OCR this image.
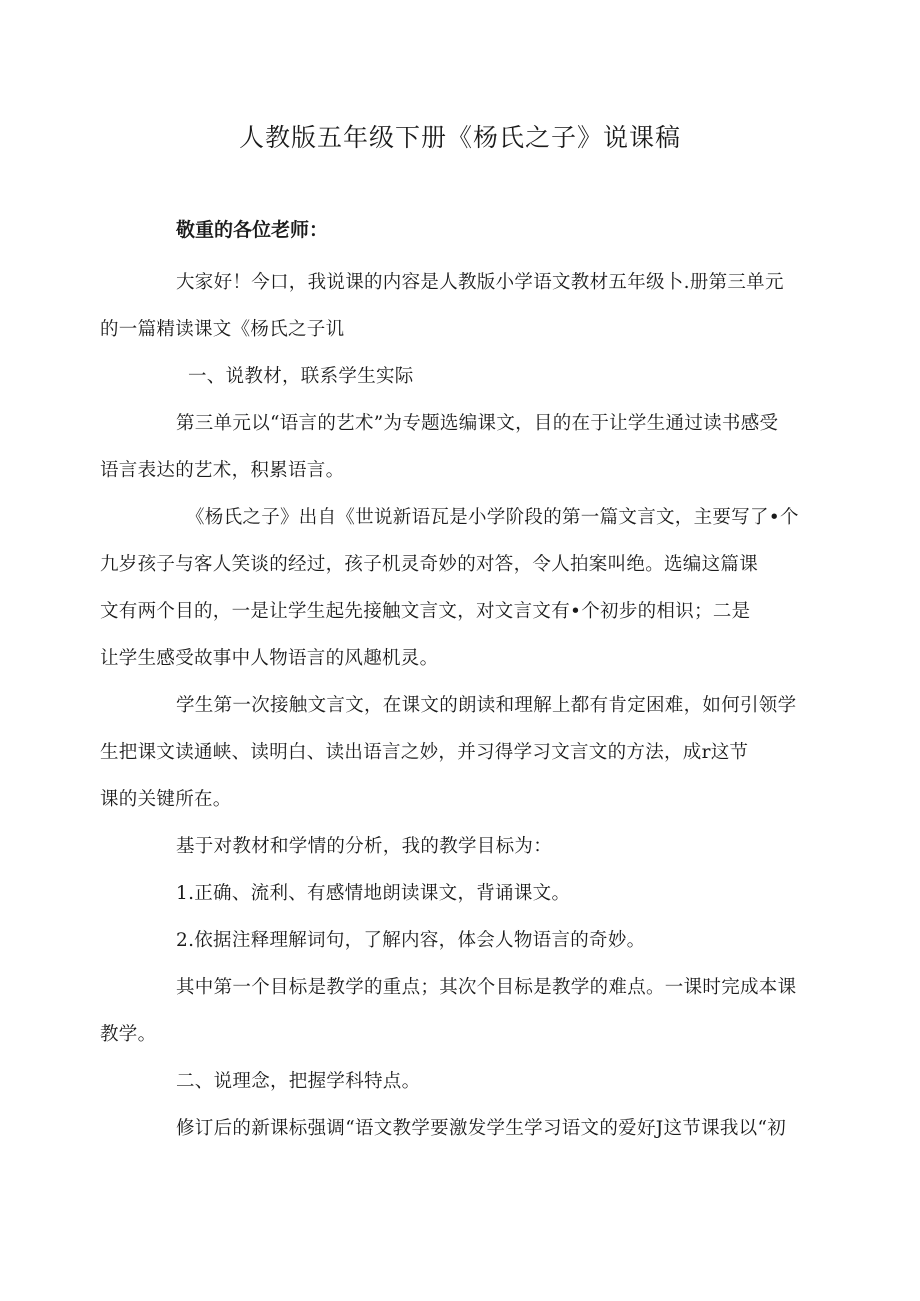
人教版五年级下册《杨氏之子》说课稿
敬重的各位老师：
大家好！今口，我说课的内容是人教版小学语文教材五年级卜.册第三单元
的一篇精读课文《杨氏之子讥
一、说教材，联系学生实际
第三单元以“语言的艺术”为专题选编课文，目的在于让学生通过读书感受
语言表达的艺术，积累语言。
《杨氏之子》出自《世说新语瓦是小学阶段的第一篇文言文，主要写了•个
九岁孩子与客人笑谈的经过，孩子机灵奇妙的对答，令人拍案叫绝。选编这篇课
文有两个目的，一是让学生起先接触文言文，对文言文有•个初步的相识；二是
让学生感受故事中人物语言的风趣机灵。
学生第一次接触文言文，在课文的朗读和理解上都有肯定困难，如何引领学
生把课文读通峡、读明白、读出语言之妙，并习得学习文言文的方法，成r这节
课的关键所在。
基于对教材和学情的分析，我的教学目标为：
1.正确、流利、有感情地朗读课文，背诵课文。
2.依据注释理解词句，了解内容，体会人物语言的奇妙。
其中第一个目标是教学的重点；其次个目标是教学的难点。一课时完成本课
教学。
二、说理念，把握学科特点。
修订后的新课标强调“语文教学要激发学生学习语文的爱好J这节课我以“初
